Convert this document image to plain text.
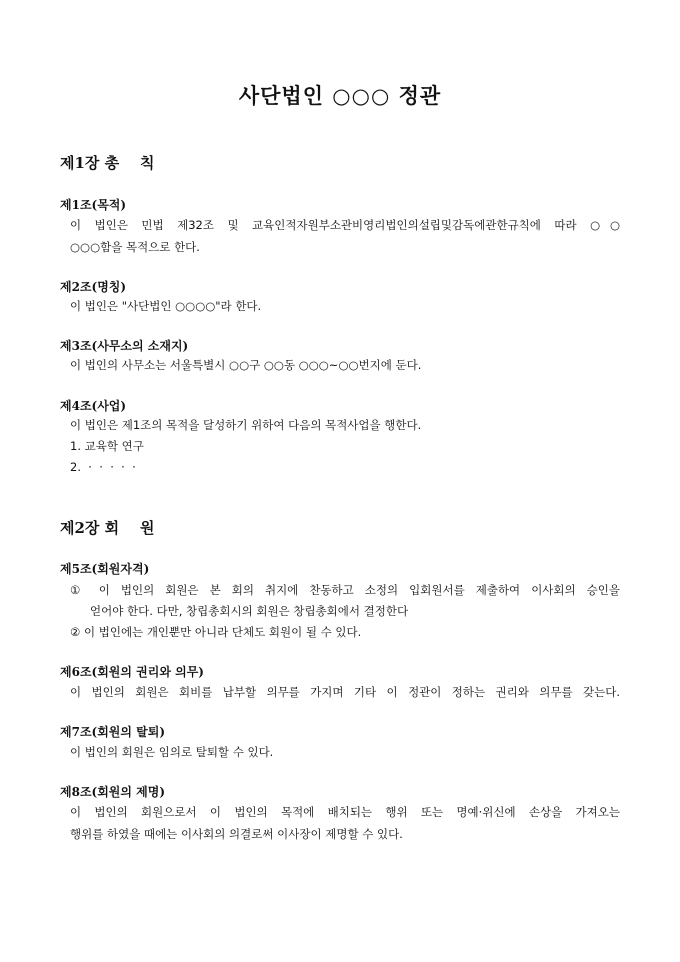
사단법인 ○○○ 정관
제1장 총    칙
제1조(목적)
이 법인은 민법 제32조 및 교육인적자원부소관비영리법인의설립및감독에관한규칙에 따라 ○○
○○○함을 목적으로 한다.
제2조(명칭)
이 법인은 "사단법인 ○○○○"라 한다.
제3조(사무소의 소재지)
이 법인의 사무소는 서울특별시 ○○구 ○○동 ○○○~○○번지에 둔다.
제4조(사업)
이 법인은 제1조의 목적을 달성하기 위하여 다음의 목적사업을 행한다.
1. 교육학 연구
2.  ·  ·  ·  ·  ·
제2장 회    원
제5조(회원자격)
① 이 법인의 회원은 본 회의 취지에 찬동하고 소정의 입회원서를 제출하여 이사회의 승인을
얻어야 한다. 다만, 창립총회시의 회원은 창립총회에서 결정한다
② 이 법인에는 개인뿐만 아니라 단체도 회원이 될 수 있다.
제6조(회원의 권리와 의무)
이 법인의 회원은 회비를 납부할 의무를 가지며 기타 이 정관이 정하는 권리와 의무를 갖는다.
제7조(회원의 탈퇴)
이 법인의 회원은 임의로 탈퇴할 수 있다.
제8조(회원의 제명)
이 법인의 회원으로서 이 법인의 목적에 배치되는 행위 또는 명예·위신에 손상을 가져오는
행위를 하였을 때에는 이사회의 의결로써 이사장이 제명할 수 있다.
